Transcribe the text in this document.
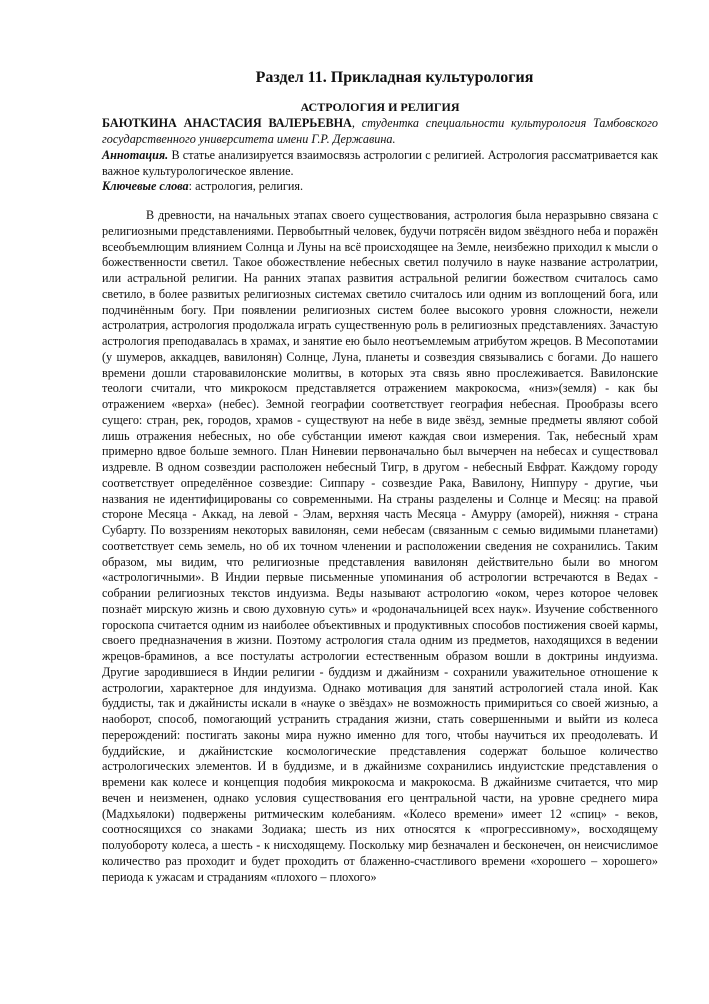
Раздел 11. Прикладная культурология
АСТРОЛОГИЯ И РЕЛИГИЯ
БАЮТКИНА АНАСТАСИЯ ВАЛЕРЬЕВНА, студентка специальности культурология Тамбовского государственного университета имени Г.Р. Державина.
Аннотация. В статье анализируется взаимосвязь астрологии с религией. Астрология рассматривается как важное культурологическое явление.
Ключевые слова: астрология, религия.

В древности, на начальных этапах своего существования, астрология была неразрывно связана с религиозными представлениями. Первобытный человек, будучи потрясён видом звёздного неба и поражён всеобъемлющим влиянием Солнца и Луны на всё происходящее на Земле, неизбежно приходил к мысли о божественности светил. Такое обожествление небесных светил получило в науке название астролатрии, или астральной религии. На ранних этапах развития астральной религии божеством считалось само светило, в более развитых религиозных системах светило считалось или одним из воплощений бога, или подчинённым богу. При появлении религиозных систем более высокого уровня сложности, нежели астролатрия, астрология продолжала играть существенную роль в религиозных представлениях. Зачастую астрология преподавалась в храмах, и занятие ею было неотъемлемым атрибутом жрецов. В Месопотамии (у шумеров, аккадцев, вавилонян) Солнце, Луна, планеты и созвездия связывались с богами. До нашего времени дошли старовавилонские молитвы, в которых эта связь явно прослеживается. Вавилонские теологи считали, что микрокосм представляется отражением макрокосма, «низ»(земля) - как бы отражением «верха» (небес). Земной географии соответствует география небесная. Прообразы всего сущего: стран, рек, городов, храмов - существуют на небе в виде звёзд, земные предметы являют собой лишь отражения небесных, но обе субстанции имеют каждая свои измерения. Так, небесный храм примерно вдвое больше земного. План Ниневии первоначально был вычерчен на небесах и существовал издревле. В одном созвездии расположен небесный Тигр, в другом - небесный Евфрат. Каждому городу соответствует определённое созвездие: Сиппару - созвездие Рака, Вавилону, Ниппуру - другие, чьи названия не идентифицированы со современными. На страны разделены и Солнце и Месяц: на правой стороне Месяца - Аккад, на левой - Элам, верхняя часть Месяца - Амурру (аморей), нижняя - страна Субарту. По воззрениям некоторых вавилонян, семи небесам (связанным с семью видимыми планетами) соответствует семь земель, но об их точном членении и расположении сведения не сохранились. Таким образом, мы видим, что религиозные представления вавилонян действительно были во многом «астрологичными». В Индии первые письменные упоминания об астрологии встречаются в Ведах - собрании религиозных текстов индуизма. Веды называют астрологию «оком, через которое человек познаёт мирскую жизнь и свою духовную суть» и «родоначальницей всех наук». Изучение собственного гороскопа считается одним из наиболее объективных и продуктивных способов постижения своей кармы, своего предназначения в жизни. Поэтому астрология стала одним из предметов, находящихся в ведении жрецов-браминов, а все постулаты астрологии естественным образом вошли в доктрины индуизма. Другие зародившиеся в Индии религии - буддизм и джайнизм - сохранили уважительное отношение к астрологии, характерное для индуизма. Однако мотивация для занятий астрологией стала иной. Как буддисты, так и джайнисты искали в «науке о звёздах» не возможность примириться со своей жизнью, а наоборот, способ, помогающий устранить страдания жизни, стать совершенными и выйти из колеса перерождений: постигать законы мира нужно именно для того, чтобы научиться их преодолевать. И буддийские, и джайнистские космологические представления содержат большое количество астрологических элементов. И в буддизме, и в джайнизме сохранились индуистские представления о времени как колесе и концепция подобия микрокосма и макрокосма. В джайнизме считается, что мир вечен и неизменен, однако условия существования его центральной части, на уровне среднего мира (Мадхьялоки) подвержены ритмическим колебаниям. «Колесо времени» имеет 12 «спиц» - веков, соотносящихся со знаками Зодиака; шесть из них относятся к «прогрессивному», восходящему полуобороту колеса, а шесть - к нисходящему. Поскольку мир безначален и бесконечен, он неисчислимое количество раз проходит и будет проходить от блаженно-счастливого времени «хорошего – хорошего» периода к ужасам и страданиям «плохого – плохого»
